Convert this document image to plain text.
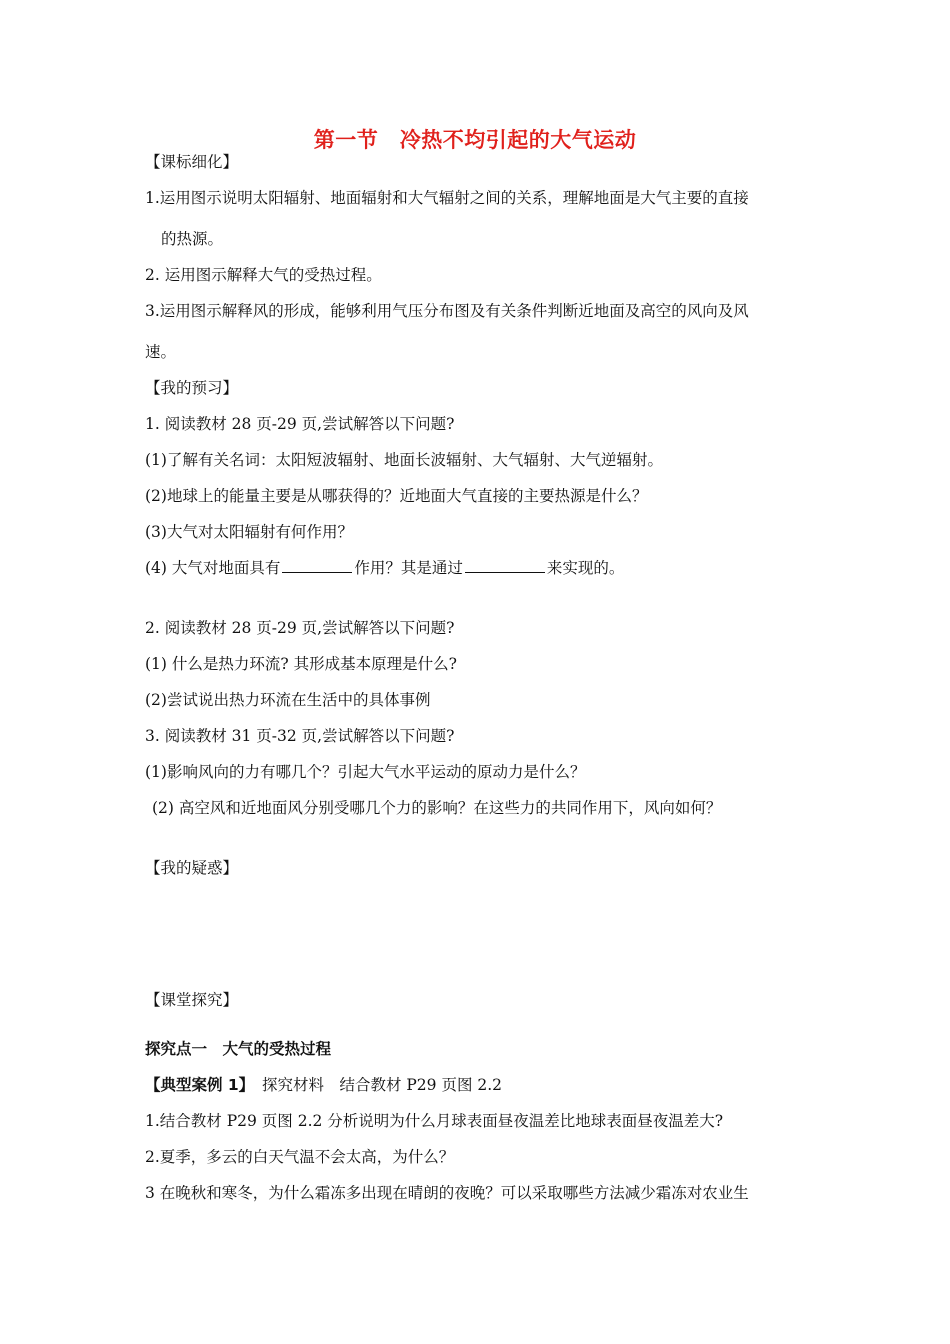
第一节　冷热不均引起的大气运动
【课标细化】
1.运用图示说明太阳辐射、地面辐射和大气辐射之间的关系，理解地面是大气主要的直接
的热源。
2. 运用图示解释大气的受热过程。
3.运用图示解释风的形成，能够利用气压分布图及有关条件判断近地面及高空的风向及风
速。
【我的预习】
1. 阅读教材 28 页-29 页,尝试解答以下问题?
(1)了解有关名词：太阳短波辐射、地面长波辐射、大气辐射、大气逆辐射。
(2)地球上的能量主要是从哪获得的？近地面大气直接的主要热源是什么？
(3)大气对太阳辐射有何作用？
(4) 大气对地面具有	作用？其是通过	来实现的。
2. 阅读教材 28 页-29 页,尝试解答以下问题?
(1) 什么是热力环流? 其形成基本原理是什么?
(2)尝试说出热力环流在生活中的具体事例
3. 阅读教材 31 页-32 页,尝试解答以下问题?
(1)影响风向的力有哪几个？引起大气水平运动的原动力是什么？
(2) 高空风和近地面风分别受哪几个力的影响？在这些力的共同作用下，风向如何？
【我的疑惑】
【课堂探究】
探究点一　大气的受热过程
【典型案例 1】　探究材料　结合教材 P29 页图 2.2
1.结合教材 P29 页图 2.2 分析说明为什么月球表面昼夜温差比地球表面昼夜温差大?
2.夏季，多云的白天气温不会太高，为什么？
3 在晚秋和寒冬，为什么霜冻多出现在晴朗的夜晚？可以采取哪些方法减少霜冻对农业生
